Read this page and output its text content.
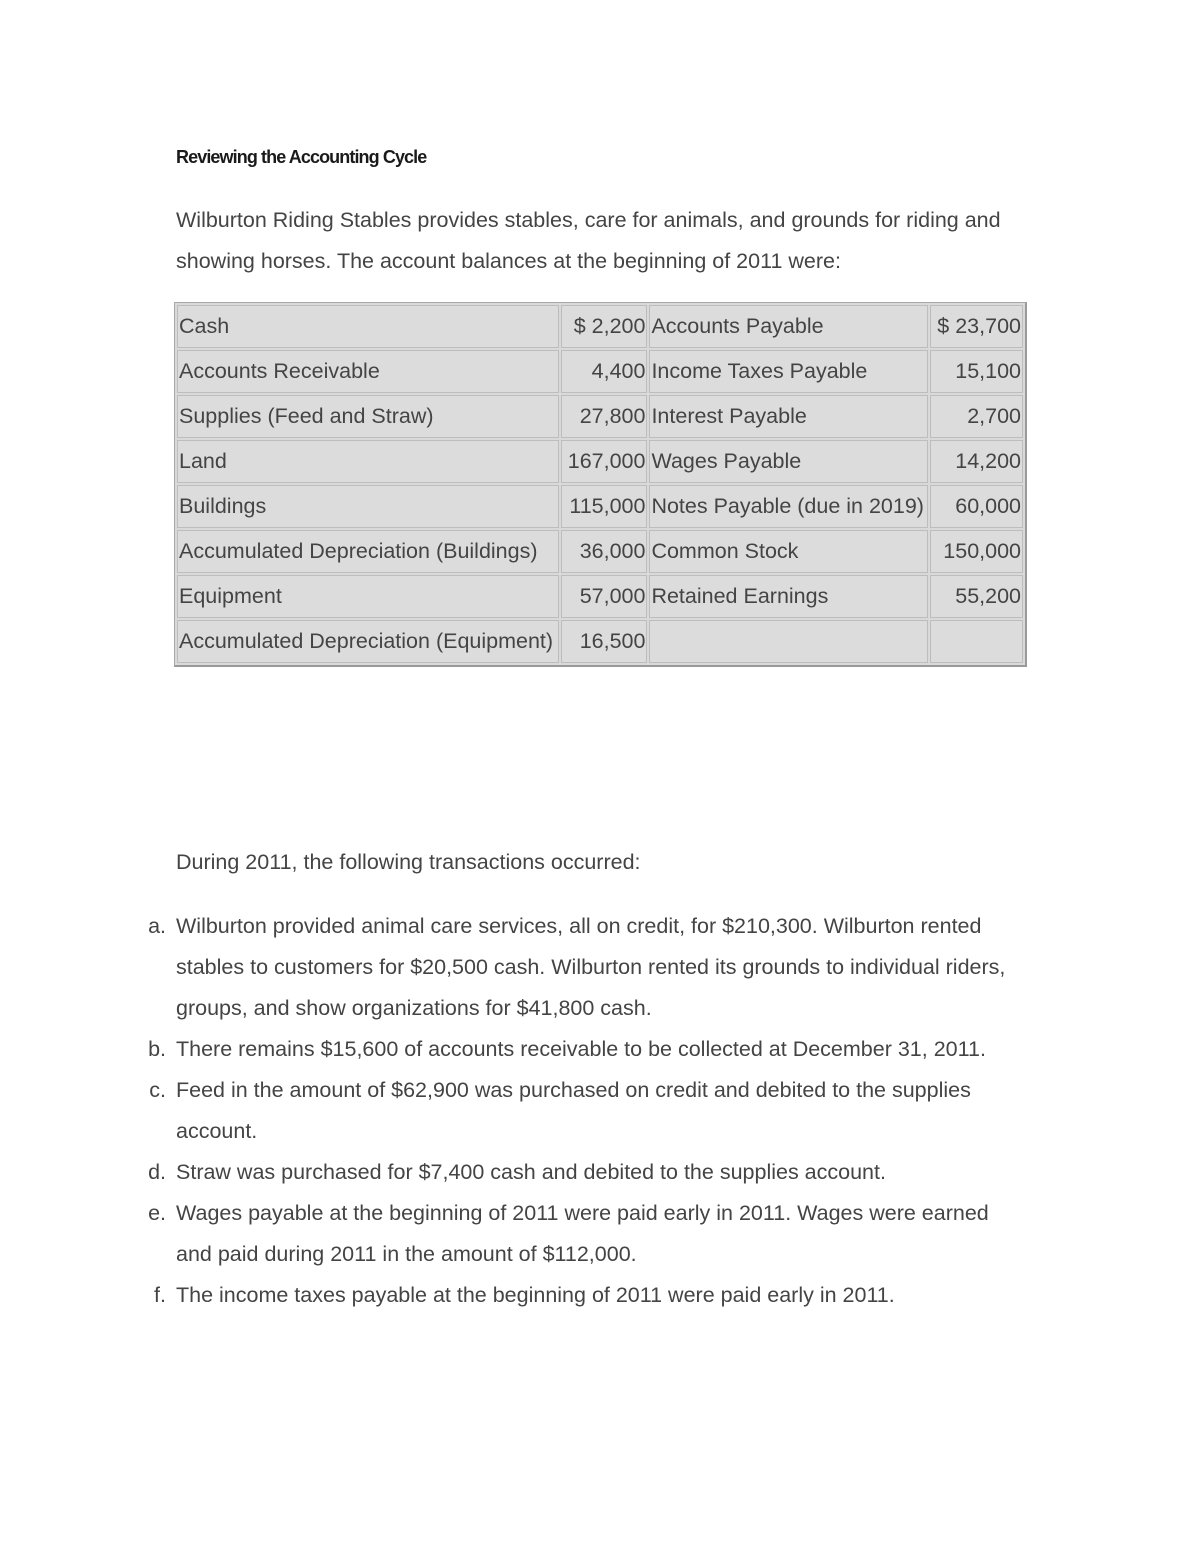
Reviewing the Accounting Cycle

Wilburton Riding Stables provides stables, care for animals, and grounds for riding and showing horses. The account balances at the beginning of 2011 were:

Cash	$ 2,200	Accounts Payable	$ 23,700
Accounts Receivable	4,400	Income Taxes Payable	15,100
Supplies (Feed and Straw)	27,800	Interest Payable	2,700
Land	167,000	Wages Payable	14,200
Buildings	115,000	Notes Payable (due in 2019)	60,000
Accumulated Depreciation (Buildings)	36,000	Common Stock	150,000
Equipment	57,000	Retained Earnings	55,200
Accumulated Depreciation (Equipment)	16,500		
During 2011, the following transactions occurred:
a. Wilburton provided animal care services, all on credit, for $210,300. Wilburton rented stables to customers for $20,500 cash. Wilburton rented its grounds to individual riders, groups, and show organizations for $41,800 cash.
b. There remains $15,600 of accounts receivable to be collected at December 31, 2011.
c. Feed in the amount of $62,900 was purchased on credit and debited to the supplies account.
d. Straw was purchased for $7,400 cash and debited to the supplies account.
e. Wages payable at the beginning of 2011 were paid early in 2011. Wages were earned and paid during 2011 in the amount of $112,000.
f. The income taxes payable at the beginning of 2011 were paid early in 2011.
